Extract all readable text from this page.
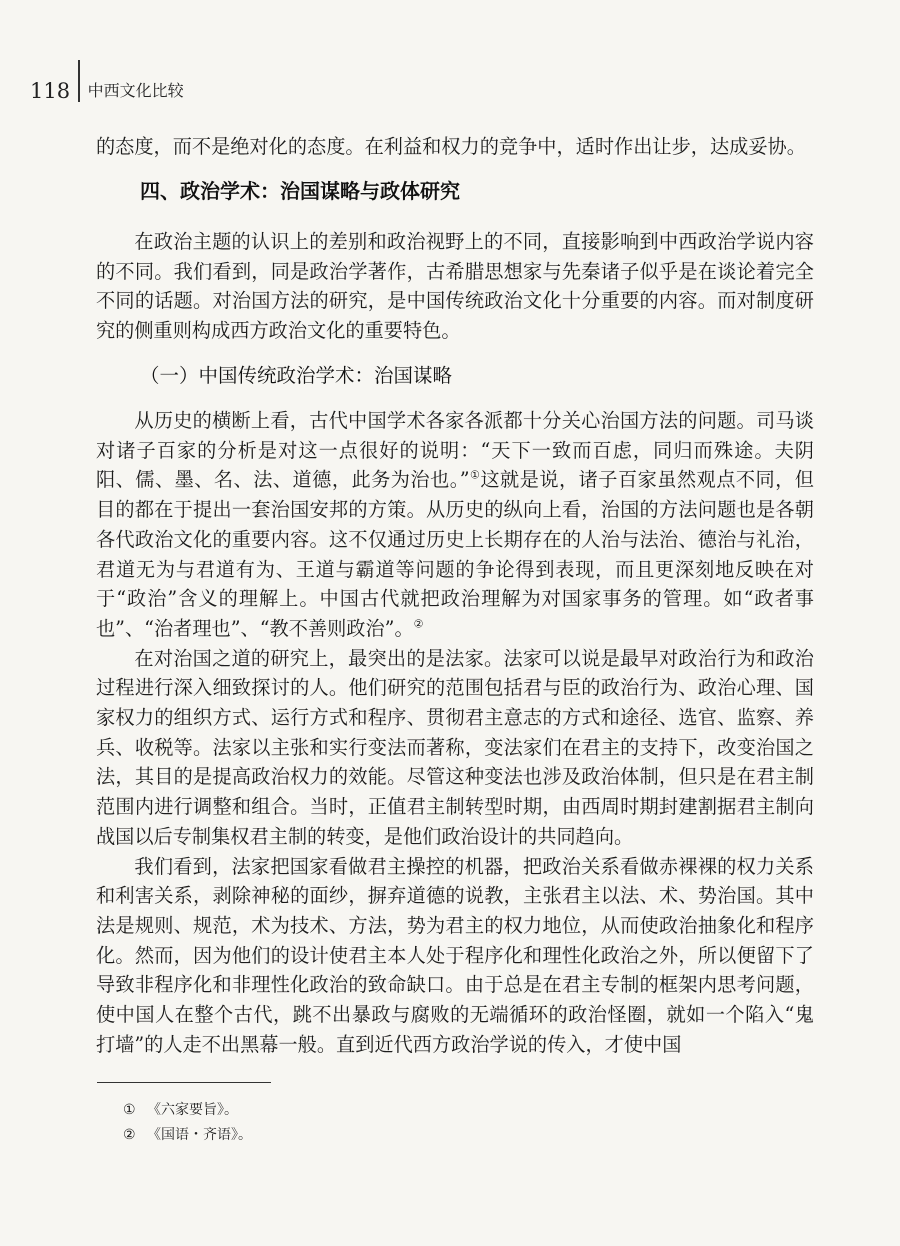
118	中西文化比较

的态度，而不是绝对化的态度。在利益和权力的竞争中，适时作出让步，达成妥协。

四、政治学术：治国谋略与政体研究

在政治主题的认识上的差别和政治视野上的不同，直接影响到中西政治学说内容的不同。我们看到，同是政治学著作，古希腊思想家与先秦诸子似乎是在谈论着完全不同的话题。对治国方法的研究，是中国传统政治文化十分重要的内容。而对制度研究的侧重则构成西方政治文化的重要特色。

（一）中国传统政治学术：治国谋略

从历史的横断上看，古代中国学术各家各派都十分关心治国方法的问题。司马谈对诸子百家的分析是对这一点很好的说明：“天下一致而百虑，同归而殊途。夫阴阳、儒、墨、名、法、道德，此务为治也。”①这就是说，诸子百家虽然观点不同，但目的都在于提出一套治国安邦的方策。从历史的纵向上看，治国的方法问题也是各朝各代政治文化的重要内容。这不仅通过历史上长期存在的人治与法治、德治与礼治，君道无为与君道有为、王道与霸道等问题的争论得到表现，而且更深刻地反映在对于“政治”含义的理解上。中国古代就把政治理解为对国家事务的管理。如“政者事也”、“治者理也”、“教不善则政治”。②

在对治国之道的研究上，最突出的是法家。法家可以说是最早对政治行为和政治过程进行深入细致探讨的人。他们研究的范围包括君与臣的政治行为、政治心理、国家权力的组织方式、运行方式和程序、贯彻君主意志的方式和途径、选官、监察、养兵、收税等。法家以主张和实行变法而著称，变法家们在君主的支持下，改变治国之法，其目的是提高政治权力的效能。尽管这种变法也涉及政治体制，但只是在君主制范围内进行调整和组合。当时，正值君主制转型时期，由西周时期封建割据君主制向战国以后专制集权君主制的转变，是他们政治设计的共同趋向。

我们看到，法家把国家看做君主操控的机器，把政治关系看做赤裸裸的权力关系和利害关系，剥除神秘的面纱，摒弃道德的说教，主张君主以法、术、势治国。其中法是规则、规范，术为技术、方法，势为君主的权力地位，从而使政治抽象化和程序化。然而，因为他们的设计使君主本人处于程序化和理性化政治之外，所以便留下了导致非程序化和非理性化政治的致命缺口。由于总是在君主专制的框架内思考问题，使中国人在整个古代，跳不出暴政与腐败的无端循环的政治怪圈，就如一个陷入“鬼打墙”的人走不出黑幕一般。直到近代西方政治学说的传入，才使中国

① 《六家要旨》。
② 《国语・齐语》。
